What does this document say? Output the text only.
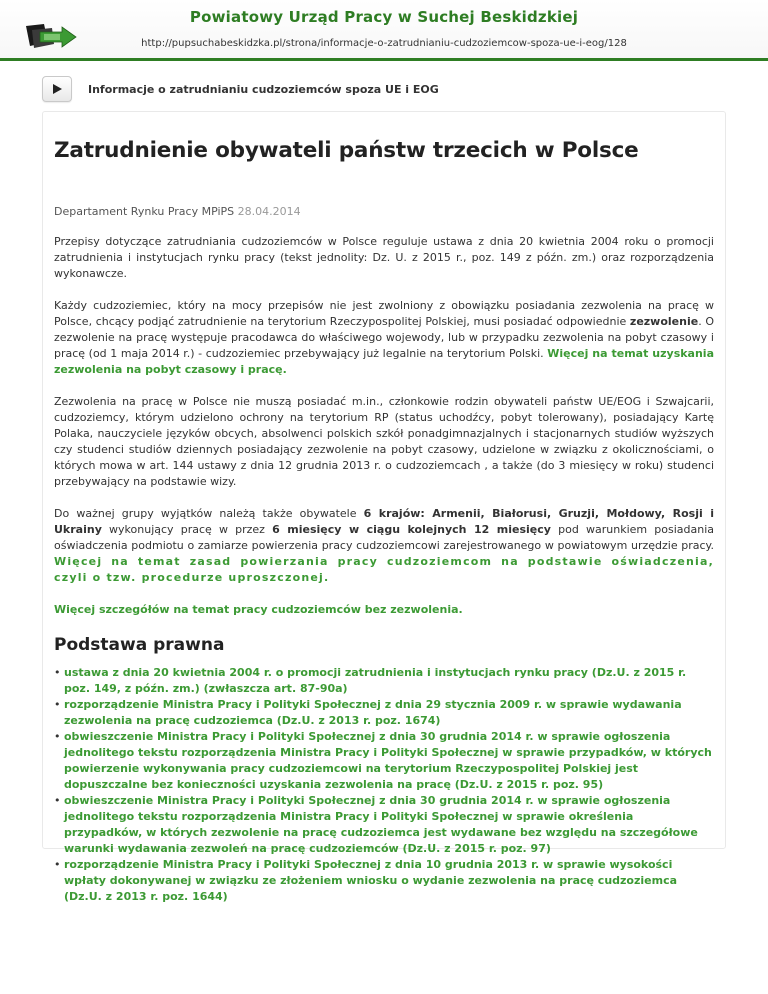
Powiatowy Urząd Pracy w Suchej Beskidzkiej
http://pupsuchabeskidzka.pl/strona/informacje-o-zatrudnianiu-cudzoziemcow-spoza-ue-i-eog/128
Informacje o zatrudnianiu cudzoziemców spoza UE i EOG
Zatrudnienie obywateli państw trzecich w Polsce
Departament Rynku Pracy MPiPS 28.04.2014

Przepisy dotyczące zatrudniania cudzoziemców w Polsce reguluje ustawa z dnia 20 kwietnia 2004 roku o promocji zatrudnienia i instytucjach rynku pracy (tekst jednolity: Dz. U. z 2015 r., poz. 149 z późn. zm.) oraz rozporządzenia wykonawcze.

Każdy cudzoziemiec, który na mocy przepisów nie jest zwolniony z obowiązku posiadania zezwolenia na pracę w Polsce, chcący podjąć zatrudnienie na terytorium Rzeczypospolitej Polskiej, musi posiadać odpowiednie zezwolenie. O zezwolenie na pracę występuje pracodawca do właściwego wojewody, lub w przypadku zezwolenia na pobyt czasowy i pracę (od 1 maja 2014 r.) - cudzoziemiec przebywający już legalnie na terytorium Polski. Więcej na temat uzyskania zezwolenia na pobyt czasowy i pracę.

Zezwolenia na pracę w Polsce nie muszą posiadać m.in., członkowie rodzin obywateli państw UE/EOG i Szwajcarii, cudzoziemcy, którym udzielono ochrony na terytorium RP (status uchodźcy, pobyt tolerowany), posiadający Kartę Polaka, nauczyciele języków obcych, absolwenci polskich szkół ponadgimnazjalnych i stacjonarnych studiów wyższych czy studenci studiów dziennych posiadający zezwolenie na pobyt czasowy, udzielone w związku z okolicznościami, o których mowa w art. 144 ustawy z dnia 12 grudnia 2013 r. o cudzoziemcach , a także (do 3 miesięcy w roku) studenci przebywający na podstawie wizy.

Do ważnej grupy wyjątków należą także obywatele 6 krajów: Armenii, Białorusi, Gruzji, Mołdowy, Rosji i Ukrainy wykonujący pracę w przez 6 miesięcy w ciągu kolejnych 12 miesięcy pod warunkiem posiadania oświadczenia podmiotu o zamiarze powierzenia pracy cudzoziemcowi zarejestrowanego w powiatowym urzędzie pracy. Więcej na temat zasad powierzania pracy cudzoziemcom na podstawie oświadczenia, czyli o tzw. procedurze uproszczonej.

Więcej szczegółów na temat pracy cudzoziemców bez zezwolenia.

Podstawa prawna
• ustawa z dnia 20 kwietnia 2004 r. o promocji zatrudnienia i instytucjach rynku pracy (Dz.U. z 2015 r. poz. 149, z późn. zm.) (zwłaszcza art. 87-90a)
• rozporządzenie Ministra Pracy i Polityki Społecznej z dnia 29 stycznia 2009 r. w sprawie wydawania zezwolenia na pracę cudzoziemca (Dz.U. z 2013 r. poz. 1674)
• obwieszczenie Ministra Pracy i Polityki Społecznej z dnia 30 grudnia 2014 r. w sprawie ogłoszenia jednolitego tekstu rozporządzenia Ministra Pracy i Polityki Społecznej w sprawie przypadków, w których powierzenie wykonywania pracy cudzoziemcowi na terytorium Rzeczypospolitej Polskiej jest dopuszczalne bez konieczności uzyskania zezwolenia na pracę (Dz.U. z 2015 r. poz. 95)
• obwieszczenie Ministra Pracy i Polityki Społecznej z dnia 30 grudnia 2014 r. w sprawie ogłoszenia jednolitego tekstu rozporządzenia Ministra Pracy i Polityki Społecznej w sprawie określenia przypadków, w których zezwolenie na pracę cudzoziemca jest wydawane bez względu na szczegółowe warunki wydawania zezwoleń na pracę cudzoziemców (Dz.U. z 2015 r. poz. 97)
• rozporządzenie Ministra Pracy i Polityki Społecznej z dnia 10 grudnia 2013 r. w sprawie wysokości wpłaty dokonywanej w związku ze złożeniem wniosku o wydanie zezwolenia na pracę cudzoziemca (Dz.U. z 2013 r. poz. 1644)
